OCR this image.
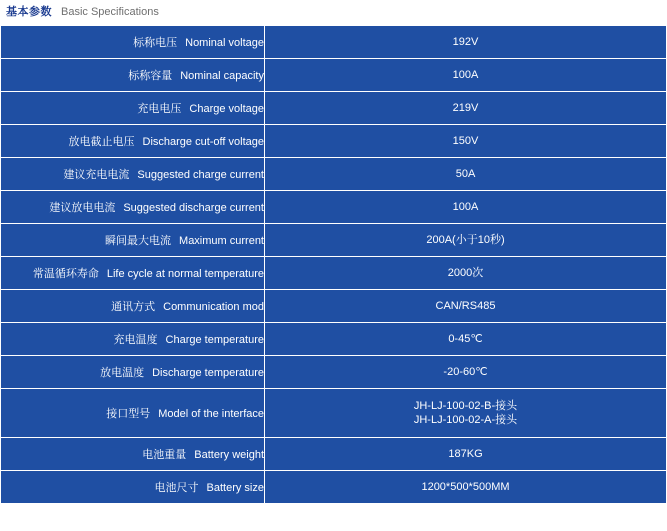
基本参数 Basic Specifications
标称电压 Nominal voltage	192V

标称容量 Nominal capacity	100A

充电电压 Charge voltage	219V

放电截止电压 Discharge cut-off voltage	150V

建议充电电流 Suggested charge current	50A

建议放电电流 Suggested discharge current	100A

瞬间最大电流 Maximum current	200A(小于10秒)

常温循环寿命 Life cycle at normal temperature	2000次

通讯方式 Communication mod	CAN/RS485

充电温度 Charge temperature	0-45℃

放电温度 Discharge temperature	-20-60℃

接口型号 Model of the interface	JH-LJ-100-02-B-接头
JH-LJ-100-02-A-接头

电池重量 Battery weight	187KG

电池尺寸 Battery size	1200*500*500MM
